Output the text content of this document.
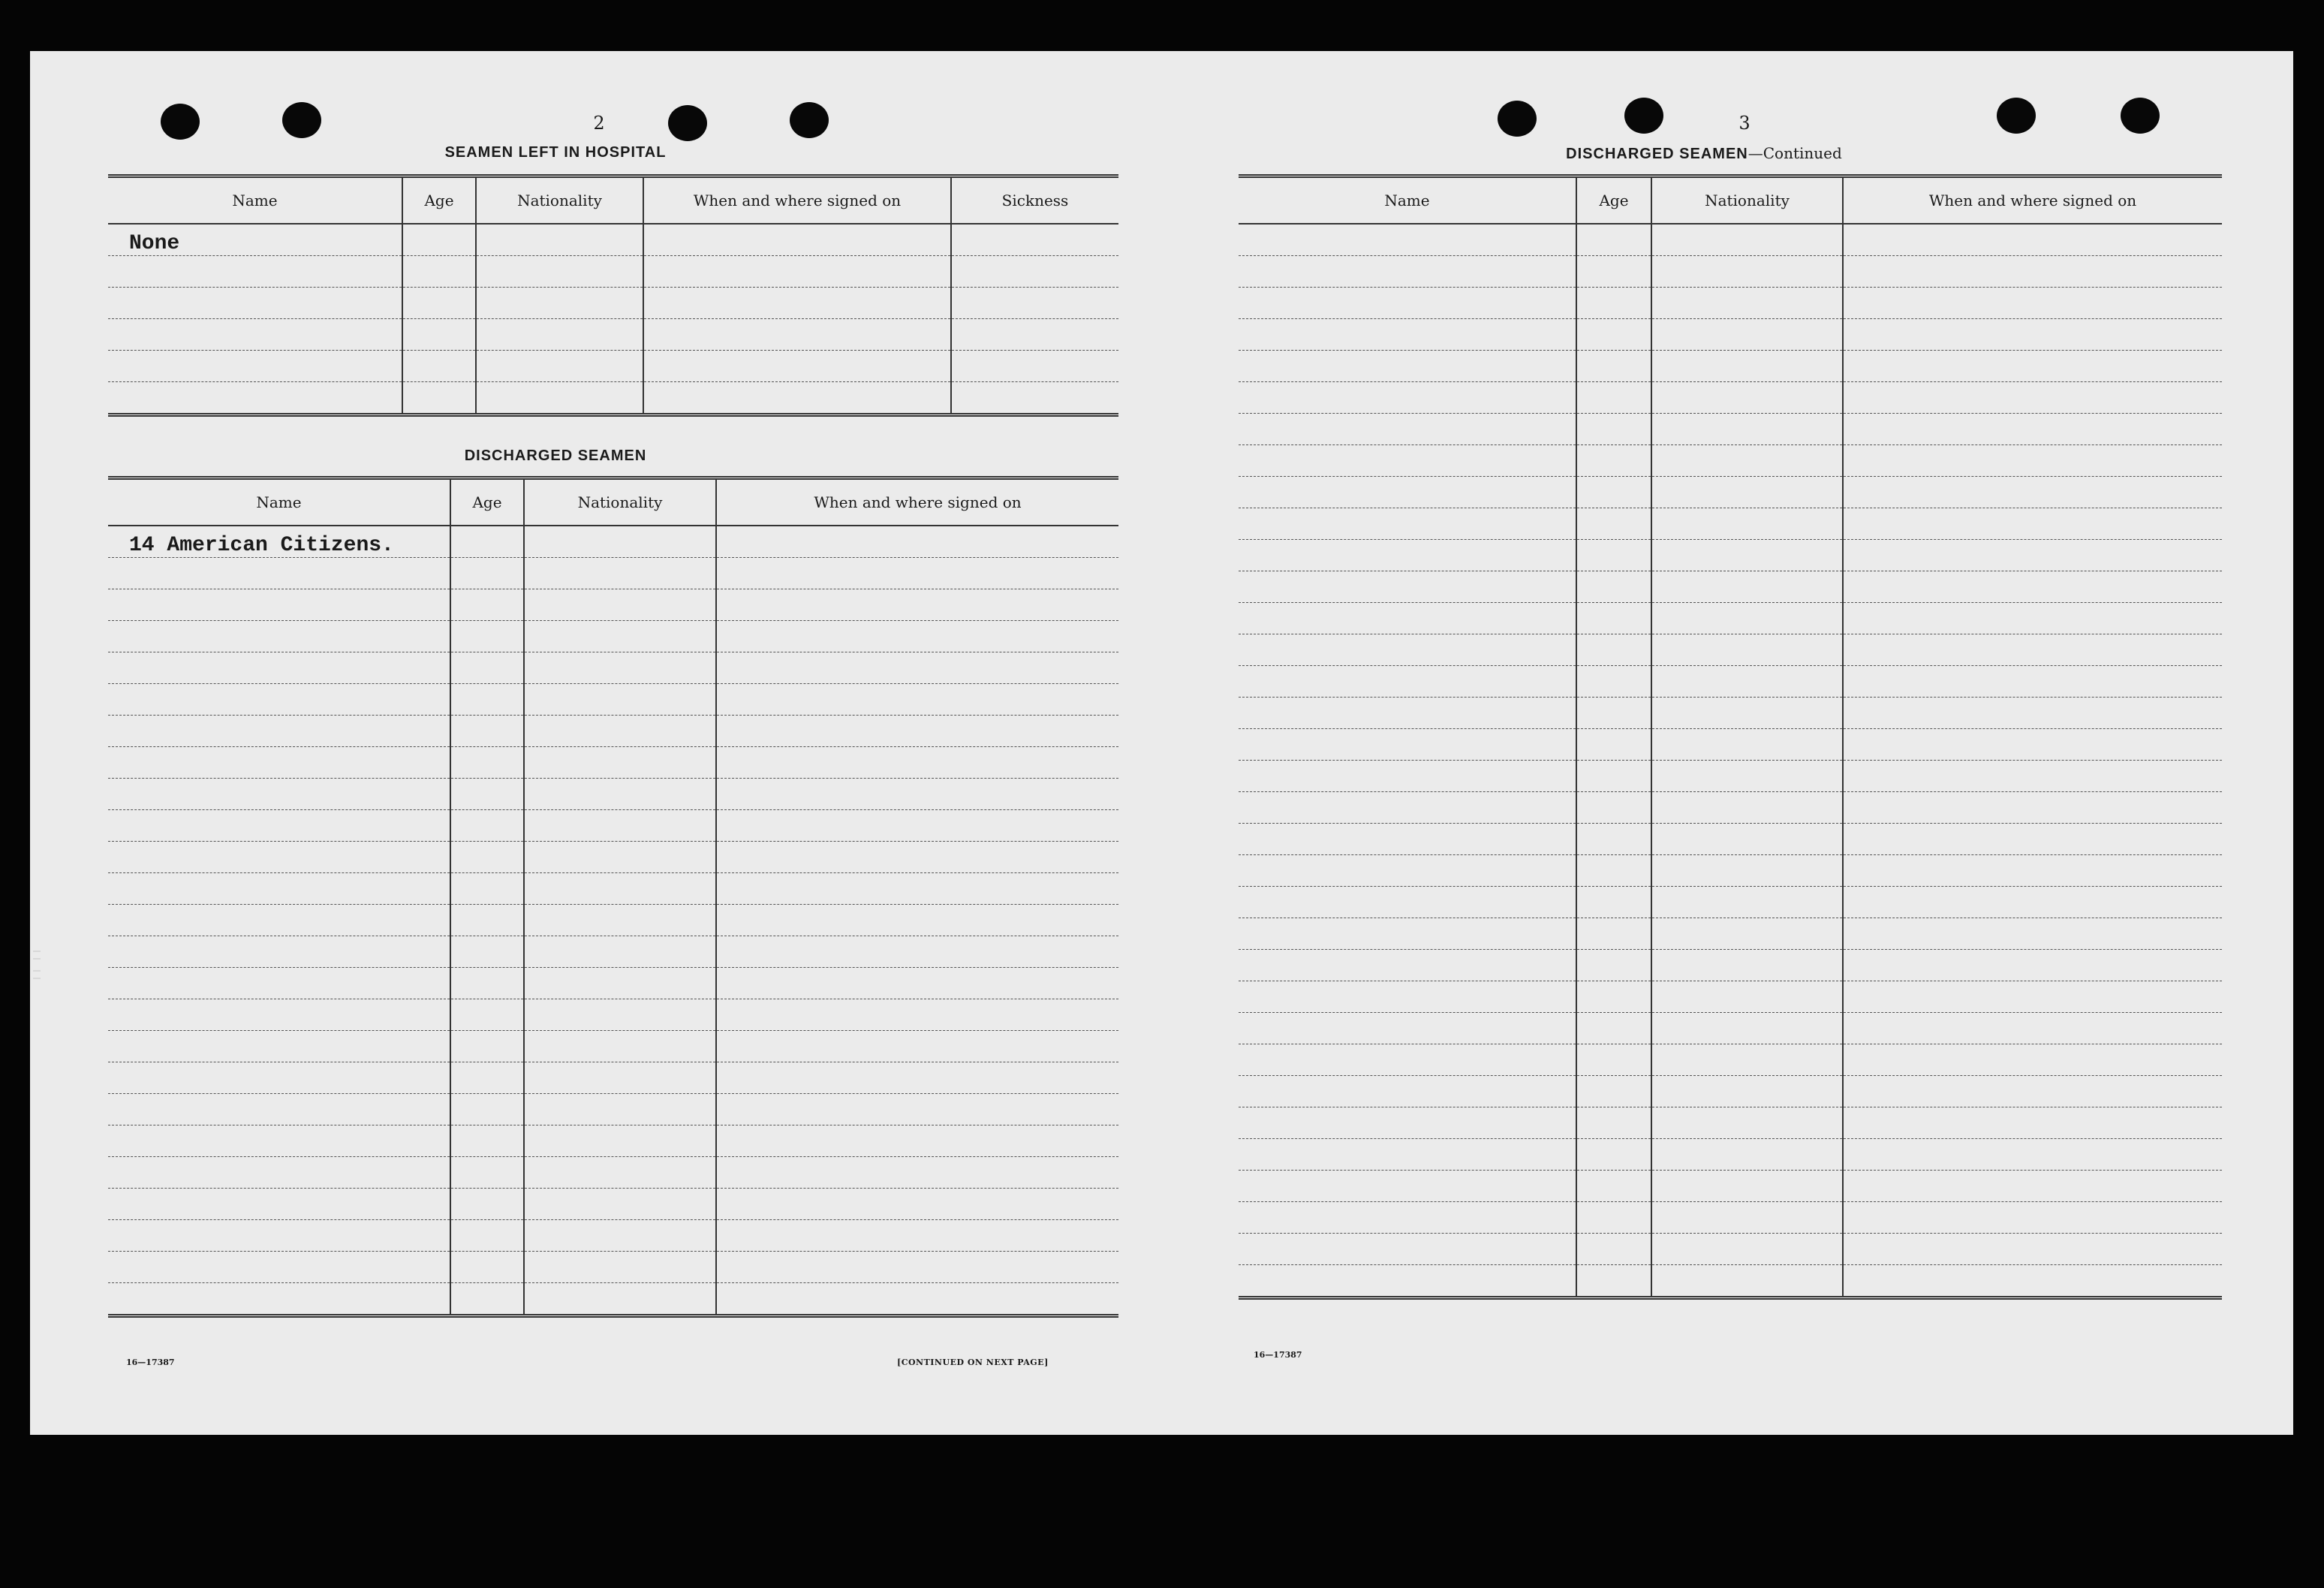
2
SEAMEN LEFT IN HOSPITAL
Name	Age	Nationality	When and where signed on	Sickness
None				

DISCHARGED SEAMEN
Name	Age	Nationality	When and where signed on
14 American Citizens.			

16—17387	[CONTINUED ON NEXT PAGE]
3
DISCHARGED SEAMEN—Continued
Name	Age	Nationality	When and where signed on

16—17387
